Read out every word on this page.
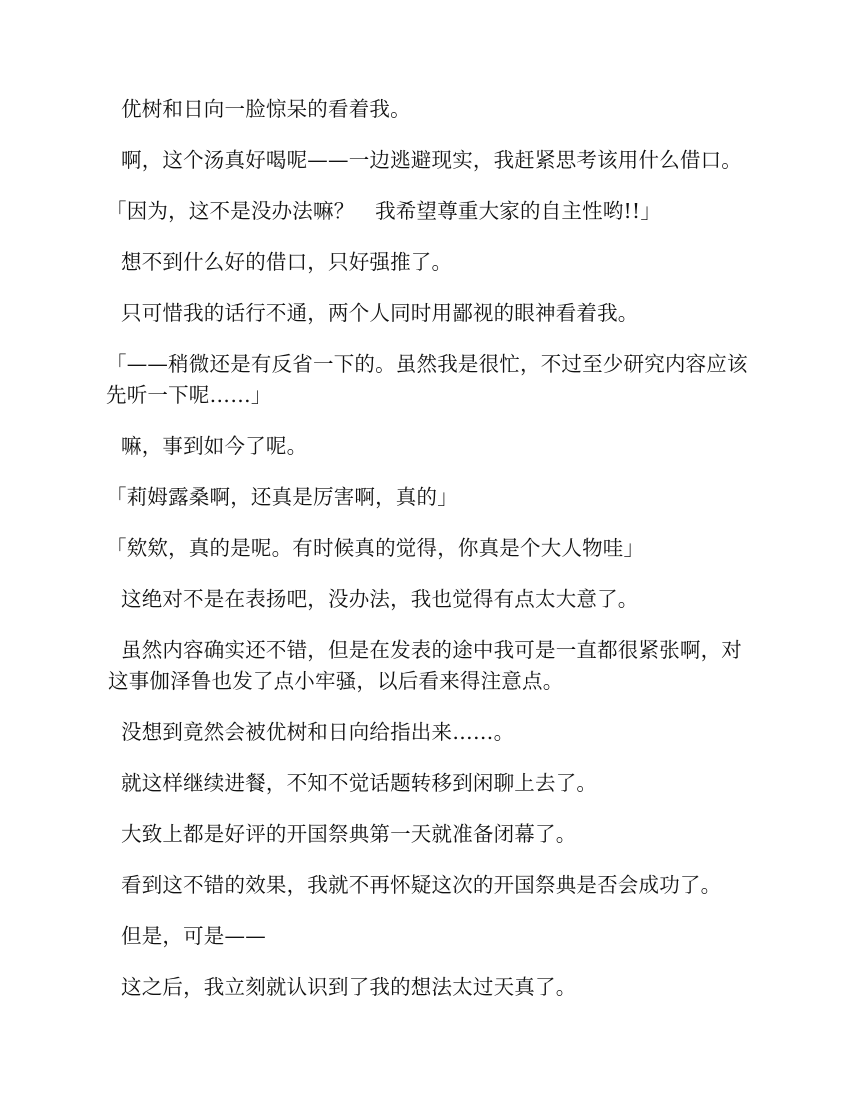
优树和日向一脸惊呆的看着我。

啊，这个汤真好喝呢——一边逃避现实，我赶紧思考该用什么借口。

「因为，这不是没办法嘛？　我希望尊重大家的自主性哟!!」

想不到什么好的借口，只好强推了。

只可惜我的话行不通，两个人同时用鄙视的眼神看着我。

「——稍微还是有反省一下的。虽然我是很忙，不过至少研究内容应该先听一下呢……」

嘛，事到如今了呢。

「莉姆露桑啊，还真是厉害啊，真的」

「欸欸，真的是呢。有时候真的觉得，你真是个大人物哇」

这绝对不是在表扬吧，没办法，我也觉得有点太大意了。

虽然内容确实还不错，但是在发表的途中我可是一直都很紧张啊，对这事伽泽鲁也发了点小牢骚，以后看来得注意点。

没想到竟然会被优树和日向给指出来……。

就这样继续进餐，不知不觉话题转移到闲聊上去了。

大致上都是好评的开国祭典第一天就准备闭幕了。

看到这不错的效果，我就不再怀疑这次的开国祭典是否会成功了。

但是，可是——

这之后，我立刻就认识到了我的想法太过天真了。
